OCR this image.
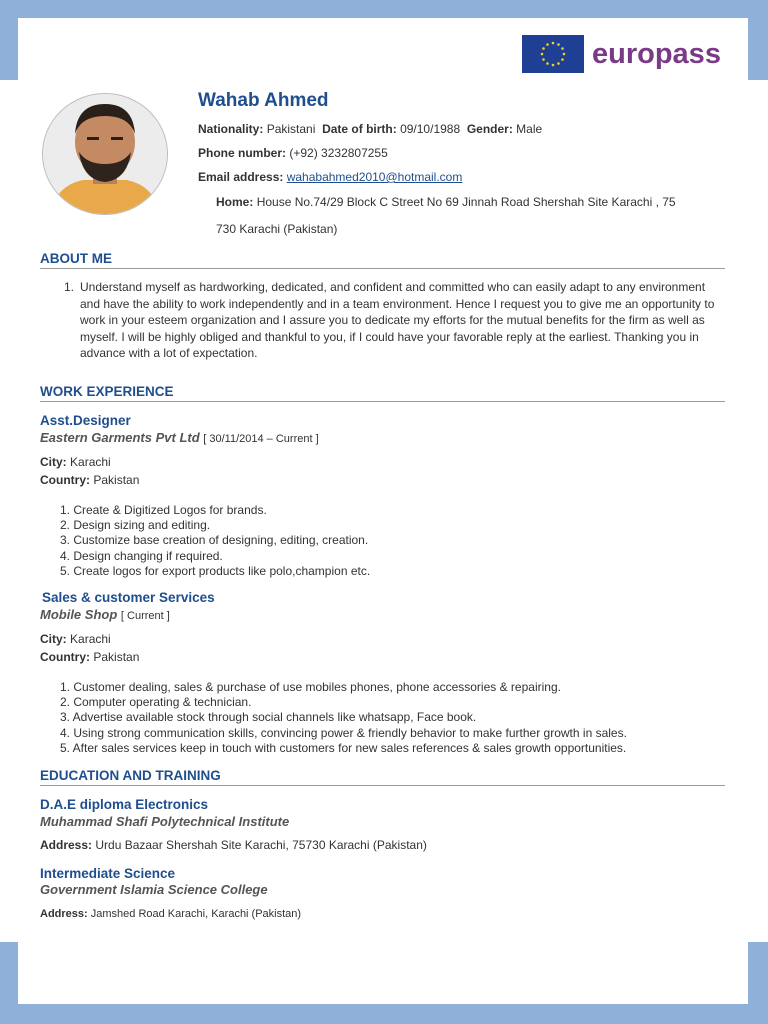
europass
Wahab Ahmed
Nationality: Pakistani Date of birth: 09/10/1988 Gender: Male
Phone number: (+92) 3232807255
Email address: wahabahmed2010@hotmail.com
Home: House No.74/29 Block C Street No 69 Jinnah Road Shershah Site Karachi , 75
730 Karachi (Pakistan)
ABOUT ME
1. Understand myself as hardworking, dedicated, and confident and committed who can easily adapt to any environment and have the ability to work independently and in a team environment. Hence I request you to give me an opportunity to work in your esteem organization and I assure you to dedicate my efforts for the mutual benefits for the firm as well as myself. I will be highly obliged and thankful to you, if I could have your favorable reply at the earliest. Thanking you in advance with a lot of expectation.
WORK EXPERIENCE
Asst.Designer
Eastern Garments Pvt Ltd [ 30/11/2014 – Current ]
City: Karachi
Country: Pakistan
1. Create & Digitized Logos for brands.
2. Design sizing and editing.
3. Customize base creation of designing, editing, creation.
4. Design changing if required.
5. Create logos for export products like polo,champion etc.
Sales & customer Services
Mobile Shop [ Current ]
City: Karachi
Country: Pakistan
1. Customer dealing, sales & purchase of use mobiles phones, phone accessories & repairing.
2. Computer operating & technician.
3. Advertise available stock through social channels like whatsapp, Face book.
4. Using strong communication skills, convincing power & friendly behavior to make further growth in sales.
5. After sales services keep in touch with customers for new sales references & sales growth opportunities.
EDUCATION AND TRAINING
D.A.E diploma Electronics
Muhammad Shafi Polytechnical Institute
Address: Urdu Bazaar Shershah Site Karachi, 75730 Karachi (Pakistan)
Intermediate Science
Government Islamia Science College
Address: Jamshed Road Karachi, Karachi (Pakistan)
